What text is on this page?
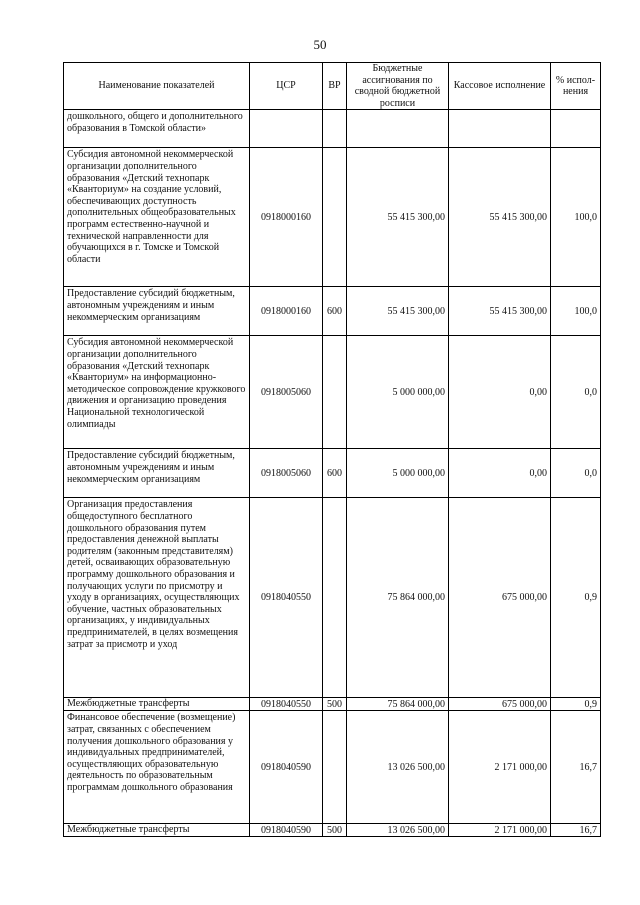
50
Наименование показателей	ЦСР	ВР	Бюджетные ассигнования по сводной бюджетной росписи	Кассовое исполнение	% испол-нения
дошкольного, общего и дополнительного образования в Томской области»					
Субсидия автономной некоммерческой организации дополнительного образования «Детский технопарк «Кванториум» на создание условий, обеспечивающих доступность дополнительных общеобразовательных программ естественно-научной и технической направленности для обучающихся в г. Томске и Томской области	0918000160		55 415 300,00	55 415 300,00	100,0
Предоставление субсидий бюджетным, автономным учреждениям и иным некоммерческим организациям	0918000160	600	55 415 300,00	55 415 300,00	100,0
Субсидия автономной некоммерческой организации дополнительного образования «Детский технопарк «Кванториум» на информационно-методическое сопровождение кружкового движения и организацию проведения Национальной технологической олимпиады	0918005060		5 000 000,00	0,00	0,0
Предоставление субсидий бюджетным, автономным учреждениям и иным некоммерческим организациям	0918005060	600	5 000 000,00	0,00	0,0
Организация предоставления общедоступного бесплатного дошкольного образования путем предоставления денежной выплаты родителям (законным представителям) детей, осваивающих образовательную программу дошкольного образования и получающих услуги по присмотру и уходу в организациях, осуществляющих обучение, частных образовательных организациях, у индивидуальных предпринимателей, в целях возмещения затрат за присмотр и уход	0918040550		75 864 000,00	675 000,00	0,9
Межбюджетные трансферты	0918040550	500	75 864 000,00	675 000,00	0,9
Финансовое обеспечение (возмещение) затрат, связанных с обеспечением получения дошкольного образования у индивидуальных предпринимателей, осуществляющих образовательную деятельность по образовательным программам дошкольного образования	0918040590		13 026 500,00	2 171 000,00	16,7
Межбюджетные трансферты	0918040590	500	13 026 500,00	2 171 000,00	16,7
